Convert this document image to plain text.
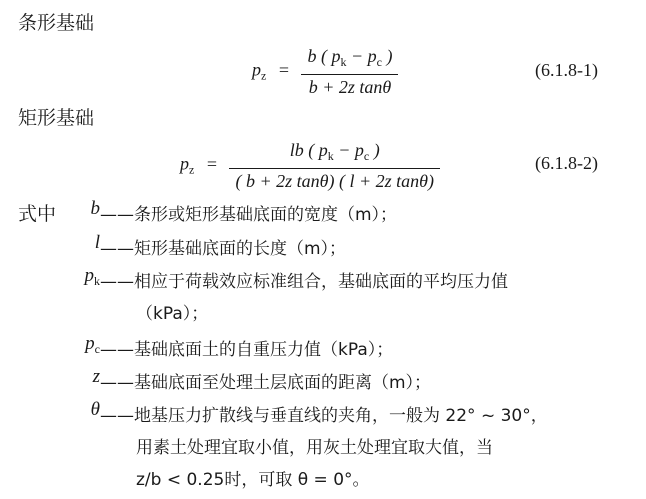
条形基础
矩形基础
$p_z = \frac{b ( p_k - p_c )}{\text{b + 2z tanθ}}$	(6.1.8-1)
$p_z = \frac{lb ( p_k - p_c )}{\text{( b + 2z tanθ) ( l + 2z tanθ)}}$	(6.1.8-2)
式中	b ——条形或矩形基础底面的宽度（m）；
l ——矩形基础底面的长度（m）；
$p_k$ ——相应于荷载效应标准组合，基础底面的平均压力值
（kPa）；
$p_c$ ——基础底面土的自重压力值（kPa）；
z ——基础底面至处理土层底面的距离（m）；
θ ——地基压力扩散线与垂直线的夹角，一般为 22° ~ 30°，
用素土处理宜取小值，用灰土处理宜取大值，当
z/b < 0.25时，可取 θ = 0°。
